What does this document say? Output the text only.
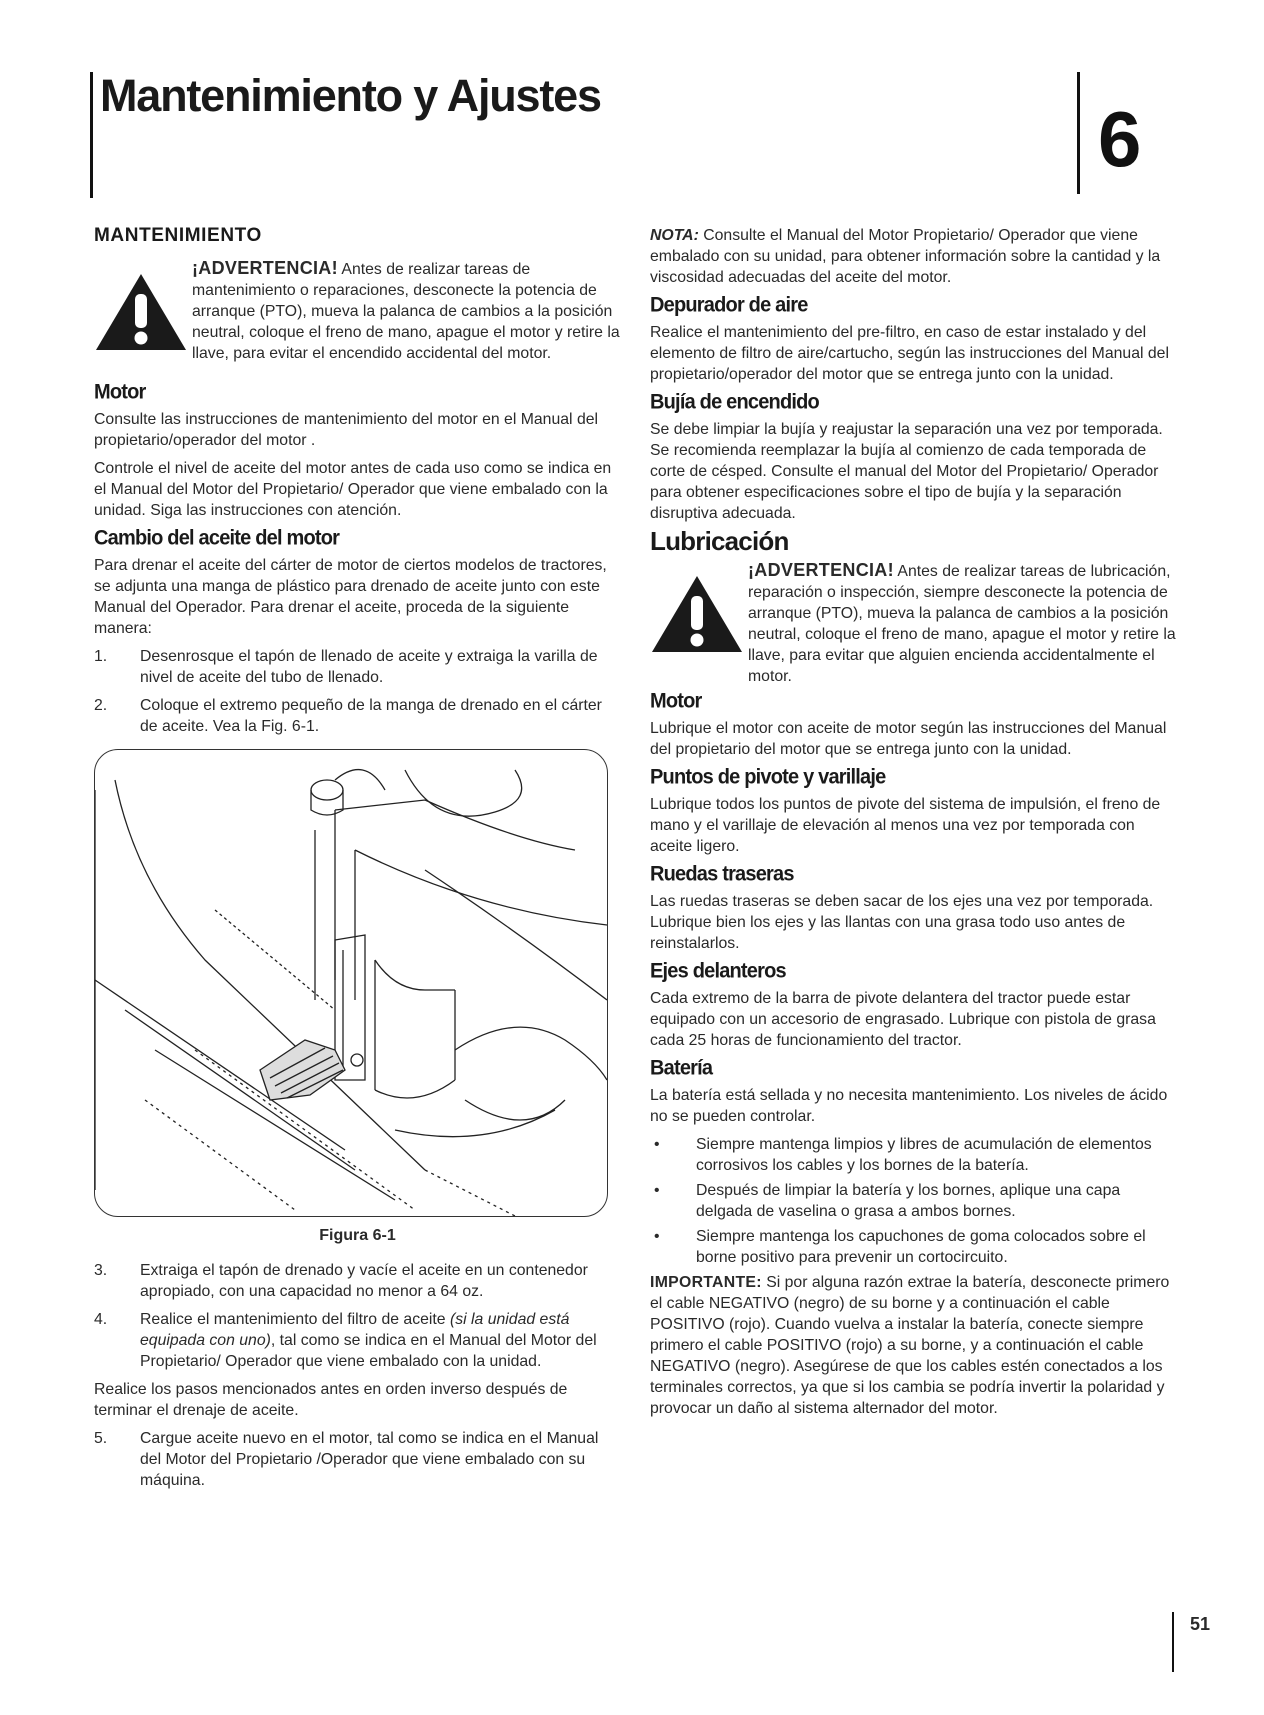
Mantenimiento y Ajustes	6
MANTENIMIENTO
¡ADVERTENCIA! Antes de realizar tareas de mantenimiento o reparaciones, desconecte la potencia de arranque (PTO), mueva la palanca de cambios a la posición neutral, coloque el freno de mano, apague el motor y retire la llave, para evitar el encendido accidental del motor.
Motor

Consulte las instrucciones de mantenimiento del motor en el Manual del propietario/operador del motor .

Controle el nivel de aceite del motor antes de cada uso como se indica en el Manual del Motor del Propietario/ Operador que viene embalado con la unidad. Siga las instrucciones con atención.

Cambio del aceite del motor

Para drenar el aceite del cárter de motor de ciertos modelos de tractores, se adjunta una manga de plástico para drenado de aceite junto con este Manual del Operador. Para drenar el aceite, proceda de la siguiente manera:

1. Desenrosque el tapón de llenado de aceite y extraiga la varilla de nivel de aceite del tubo de llenado.
2. Coloque el extremo pequeño de la manga de drenado en el cárter de aceite. Vea la Fig. 6-1.
Figura 6-1
3. Extraiga el tapón de drenado y vacíe el aceite en un contenedor apropiado, con una capacidad no menor a 64 oz.
4. Realice el mantenimiento del filtro de aceite (si la unidad está equipada con uno), tal como se indica en el Manual del Motor del Propietario/ Operador que viene embalado con la unidad.

Realice los pasos mencionados antes en orden inverso después de terminar el drenaje de aceite.

5. Cargue aceite nuevo en el motor, tal como se indica en el Manual del Motor del Propietario /Operador que viene embalado con su máquina.

NOTA: Consulte el Manual del Motor Propietario/ Operador que viene embalado con su unidad, para obtener información sobre la cantidad y la viscosidad adecuadas del aceite del motor.

Depurador de aire

Realice el mantenimiento del pre-filtro, en caso de estar instalado y del elemento de filtro de aire/cartucho, según las instrucciones del Manual del propietario/operador del motor que se entrega junto con la unidad.

Bujía de encendido

Se debe limpiar la bujía y reajustar la separación una vez por temporada. Se recomienda reemplazar la bujía al comienzo de cada temporada de corte de césped. Consulte el manual del Motor del Propietario/ Operador para obtener especificaciones sobre el tipo de bujía y la separación disruptiva adecuada.

Lubricación
¡ADVERTENCIA! Antes de realizar tareas de lubricación, reparación o inspección, siempre desconecte la potencia de arranque (PTO), mueva la palanca de cambios a la posición neutral, coloque el freno de mano, apague el motor y retire la llave, para evitar que alguien encienda accidentalmente el motor.
Motor

Lubrique el motor con aceite de motor según las instrucciones del Manual del propietario del motor que se entrega junto con la unidad.

Puntos de pivote y varillaje

Lubrique todos los puntos de pivote del sistema de impulsión, el freno de mano y el varillaje de elevación al menos una vez por temporada con aceite ligero.

Ruedas traseras

Las ruedas traseras se deben sacar de los ejes una vez por temporada. Lubrique bien los ejes y las llantas con una grasa todo uso antes de reinstalarlos.

Ejes delanteros

Cada extremo de la barra de pivote delantera del tractor puede estar equipado con un accesorio de engrasado. Lubrique con pistola de grasa cada 25 horas de funcionamiento del tractor.

Batería

La batería está sellada y no necesita mantenimiento. Los niveles de ácido no se pueden controlar.

• Siempre mantenga limpios y libres de acumulación de elementos corrosivos los cables y los bornes de la batería.
• Después de limpiar la batería y los bornes, aplique una capa delgada de vaselina o grasa a ambos bornes.
• Siempre mantenga los capuchones de goma colocados sobre el borne positivo para prevenir un cortocircuito.

IMPORTANTE: Si por alguna razón extrae la batería, desconecte primero el cable NEGATIVO (negro) de su borne y a continuación el cable POSITIVO (rojo). Cuando vuelva a instalar la batería, conecte siempre primero el cable POSITIVO (rojo) a su borne, y a continuación el cable NEGATIVO (negro). Asegúrese de que los cables estén conectados a los terminales correctos, ya que si los cambia se podría invertir la polaridad y provocar un daño al sistema alternador del motor.

51
